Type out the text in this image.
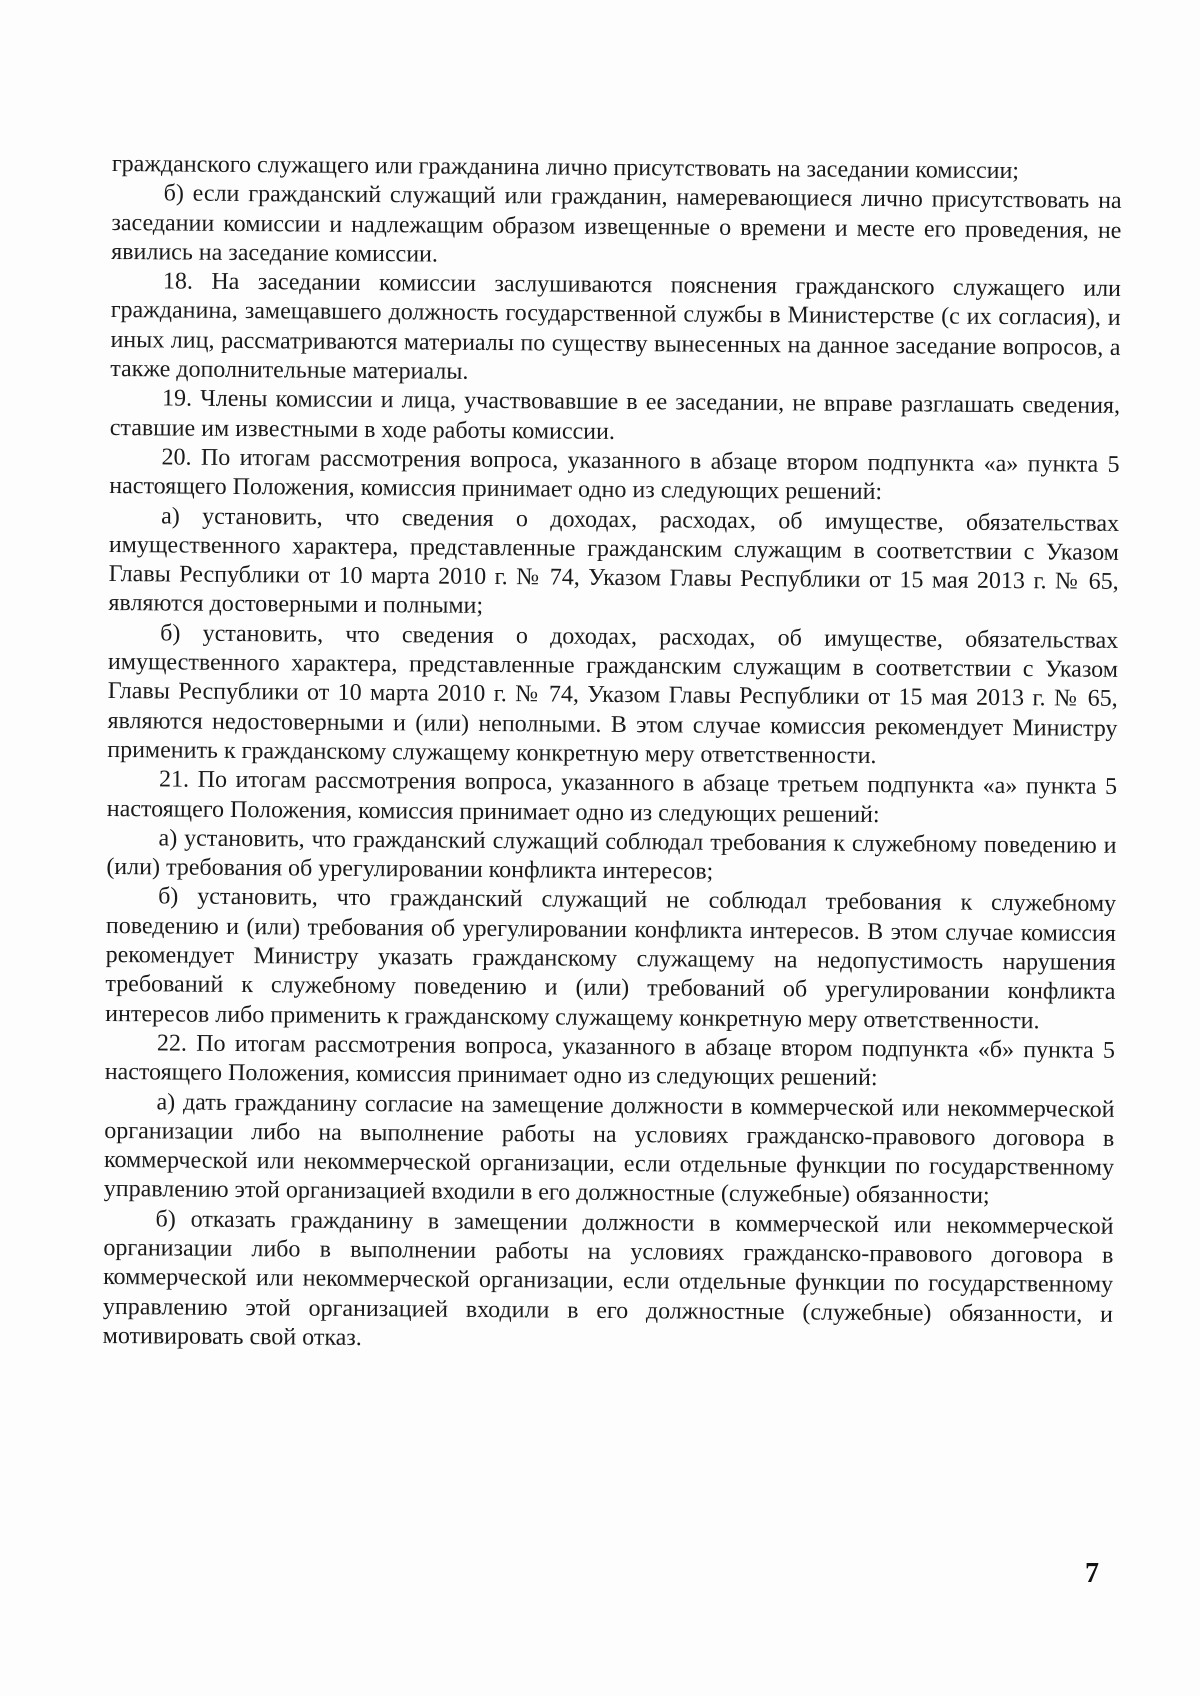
гражданского служащего или гражданина лично присутствовать на заседании комиссии;

б) если гражданский служащий или гражданин, намеревающиеся лично присутствовать на заседании комиссии и надлежащим образом извещенные о времени и месте его проведения, не явились на заседание комиссии.

18. На заседании комиссии заслушиваются пояснения гражданского служащего или гражданина, замещавшего должность государственной службы в Министерстве (с их согласия), и иных лиц, рассматриваются материалы по существу вынесенных на данное заседание вопросов, а также дополнительные материалы.

19. Члены комиссии и лица, участвовавшие в ее заседании, не вправе разглашать сведения, ставшие им известными в ходе работы комиссии.

20. По итогам рассмотрения вопроса, указанного в абзаце втором подпункта «а» пункта 5 настоящего Положения, комиссия принимает одно из следующих решений:

а) установить, что сведения о доходах, расходах, об имуществе, обязательствах имущественного характера, представленные гражданским служащим в соответствии с Указом Главы Республики от 10 марта 2010 г. № 74, Указом Главы Республики от 15 мая 2013 г. № 65, являются достоверными и полными;

б) установить, что сведения о доходах, расходах, об имуществе, обязательствах имущественного характера, представленные гражданским служащим в соответствии с Указом Главы Республики от 10 марта 2010 г. № 74, Указом Главы Республики от 15 мая 2013 г. № 65, являются недостоверными и (или) неполными. В этом случае комиссия рекомендует Министру применить к гражданскому служащему конкретную меру ответственности.

21. По итогам рассмотрения вопроса, указанного в абзаце третьем подпункта «а» пункта 5 настоящего Положения, комиссия принимает одно из следующих решений:

а) установить, что гражданский служащий соблюдал требования к служебному поведению и (или) требования об урегулировании конфликта интересов;

б) установить, что гражданский служащий не соблюдал требования к служебному поведению и (или) требования об урегулировании конфликта интересов. В этом случае комиссия рекомендует Министру указать гражданскому служащему на недопустимость нарушения требований к служебному поведению и (или) требований об урегулировании конфликта интересов либо применить к гражданскому служащему конкретную меру ответственности.

22. По итогам рассмотрения вопроса, указанного в абзаце втором подпункта «б» пункта 5 настоящего Положения, комиссия принимает одно из следующих решений:

а) дать гражданину согласие на замещение должности в коммерческой или некоммерческой организации либо на выполнение работы на условиях гражданско-правового договора в коммерческой или некоммерческой организации, если отдельные функции по государственному управлению этой организацией входили в его должностные (служебные) обязанности;

б) отказать гражданину в замещении должности в коммерческой или некоммерческой организации либо в выполнении работы на условиях гражданско-правового договора в коммерческой или некоммерческой организации, если отдельные функции по государственному управлению этой организацией входили в его должностные (служебные) обязанности, и мотивировать свой отказ.

7
